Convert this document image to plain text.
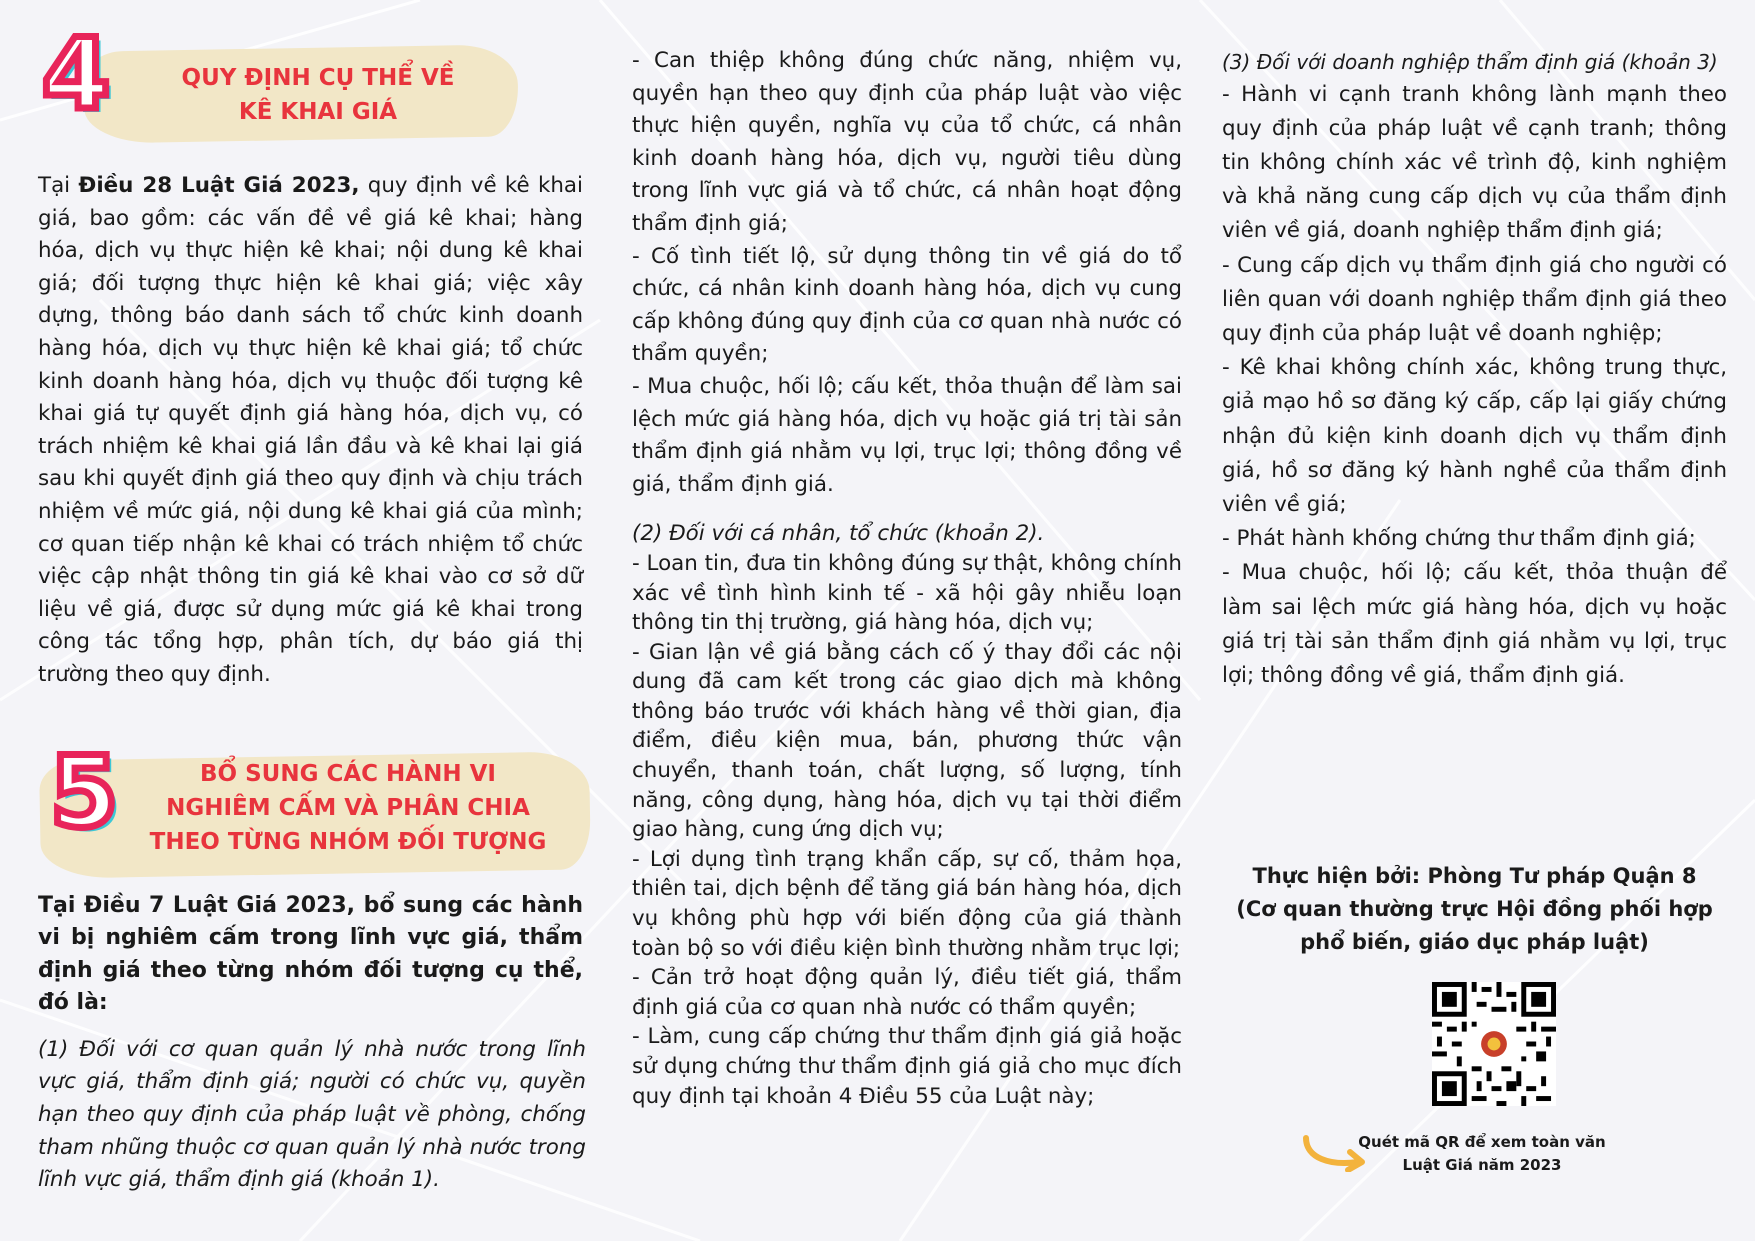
4	QUY ĐỊNH CỤ THỂ VỀ
KÊ KHAI GIÁ

Tại Điều 28 Luật Giá 2023, quy định về kê khai giá, bao gồm: các vấn đề về giá kê khai; hàng hóa, dịch vụ thực hiện kê khai; nội dung kê khai giá; đối tượng thực hiện kê khai giá; việc xây dựng, thông báo danh sách tổ chức kinh doanh hàng hóa, dịch vụ thực hiện kê khai giá; tổ chức kinh doanh hàng hóa, dịch vụ thuộc đối tượng kê khai giá tự quyết định giá hàng hóa, dịch vụ, có trách nhiệm kê khai giá lần đầu và kê khai lại giá sau khi quyết định giá theo quy định và chịu trách nhiệm về mức giá, nội dung kê khai giá của mình; cơ quan tiếp nhận kê khai có trách nhiệm tổ chức việc cập nhật thông tin giá kê khai vào cơ sở dữ liệu về giá, được sử dụng mức giá kê khai trong công tác tổng hợp, phân tích, dự báo giá thị trường theo quy định.

5	BỔ SUNG CÁC HÀNH VI
NGHIÊM CẤM VÀ PHÂN CHIA
THEO TỪNG NHÓM ĐỐI TƯỢNG

Tại Điều 7 Luật Giá 2023, bổ sung các hành vi bị nghiêm cấm trong lĩnh vực giá, thẩm định giá theo từng nhóm đối tượng cụ thể, đó là:

(1) Đối với cơ quan quản lý nhà nước trong lĩnh vực giá, thẩm định giá; người có chức vụ, quyền hạn theo quy định của pháp luật về phòng, chống tham nhũng thuộc cơ quan quản lý nhà nước trong lĩnh vực giá, thẩm định giá (khoản 1).

- Can thiệp không đúng chức năng, nhiệm vụ, quyền hạn theo quy định của pháp luật vào việc thực hiện quyền, nghĩa vụ của tổ chức, cá nhân kinh doanh hàng hóa, dịch vụ, người tiêu dùng trong lĩnh vực giá và tổ chức, cá nhân hoạt động thẩm định giá;

- Cố tình tiết lộ, sử dụng thông tin về giá do tổ chức, cá nhân kinh doanh hàng hóa, dịch vụ cung cấp không đúng quy định của cơ quan nhà nước có thẩm quyền;

- Mua chuộc, hối lộ; cấu kết, thỏa thuận để làm sai lệch mức giá hàng hóa, dịch vụ hoặc giá trị tài sản thẩm định giá nhằm vụ lợi, trục lợi; thông đồng về giá, thẩm định giá.

(2) Đối với cá nhân, tổ chức (khoản 2).

- Loan tin, đưa tin không đúng sự thật, không chính xác về tình hình kinh tế - xã hội gây nhiễu loạn thông tin thị trường, giá hàng hóa, dịch vụ;

- Gian lận về giá bằng cách cố ý thay đổi các nội dung đã cam kết trong các giao dịch mà không thông báo trước với khách hàng về thời gian, địa điểm, điều kiện mua, bán, phương thức vận chuyển, thanh toán, chất lượng, số lượng, tính năng, công dụng, hàng hóa, dịch vụ tại thời điểm giao hàng, cung ứng dịch vụ;

- Lợi dụng tình trạng khẩn cấp, sự cố, thảm họa, thiên tai, dịch bệnh để tăng giá bán hàng hóa, dịch vụ không phù hợp với biến động của giá thành toàn bộ so với điều kiện bình thường nhằm trục lợi;

- Cản trở hoạt động quản lý, điều tiết giá, thẩm định giá của cơ quan nhà nước có thẩm quyền;

- Làm, cung cấp chứng thư thẩm định giá giả hoặc sử dụng chứng thư thẩm định giá giả cho mục đích quy định tại khoản 4 Điều 55 của Luật này;

(3) Đối với doanh nghiệp thẩm định giá (khoản 3)

- Hành vi cạnh tranh không lành mạnh theo quy định của pháp luật về cạnh tranh; thông tin không chính xác về trình độ, kinh nghiệm và khả năng cung cấp dịch vụ của thẩm định viên về giá, doanh nghiệp thẩm định giá;

- Cung cấp dịch vụ thẩm định giá cho người có liên quan với doanh nghiệp thẩm định giá theo quy định của pháp luật về doanh nghiệp;

- Kê khai không chính xác, không trung thực, giả mạo hồ sơ đăng ký cấp, cấp lại giấy chứng nhận đủ kiện kinh doanh dịch vụ thẩm định giá, hồ sơ đăng ký hành nghề của thẩm định viên về giá;

- Phát hành khống chứng thư thẩm định giá;

- Mua chuộc, hối lộ; cấu kết, thỏa thuận để làm sai lệch mức giá hàng hóa, dịch vụ hoặc giá trị tài sản thẩm định giá nhằm vụ lợi, trục lợi; thông đồng về giá, thẩm định giá.

Thực hiện bởi: Phòng Tư pháp Quận 8
(Cơ quan thường trực Hội đồng phối hợp
phổ biến, giáo dục pháp luật)
Quét mã QR để xem toàn văn
Luật Giá năm 2023
